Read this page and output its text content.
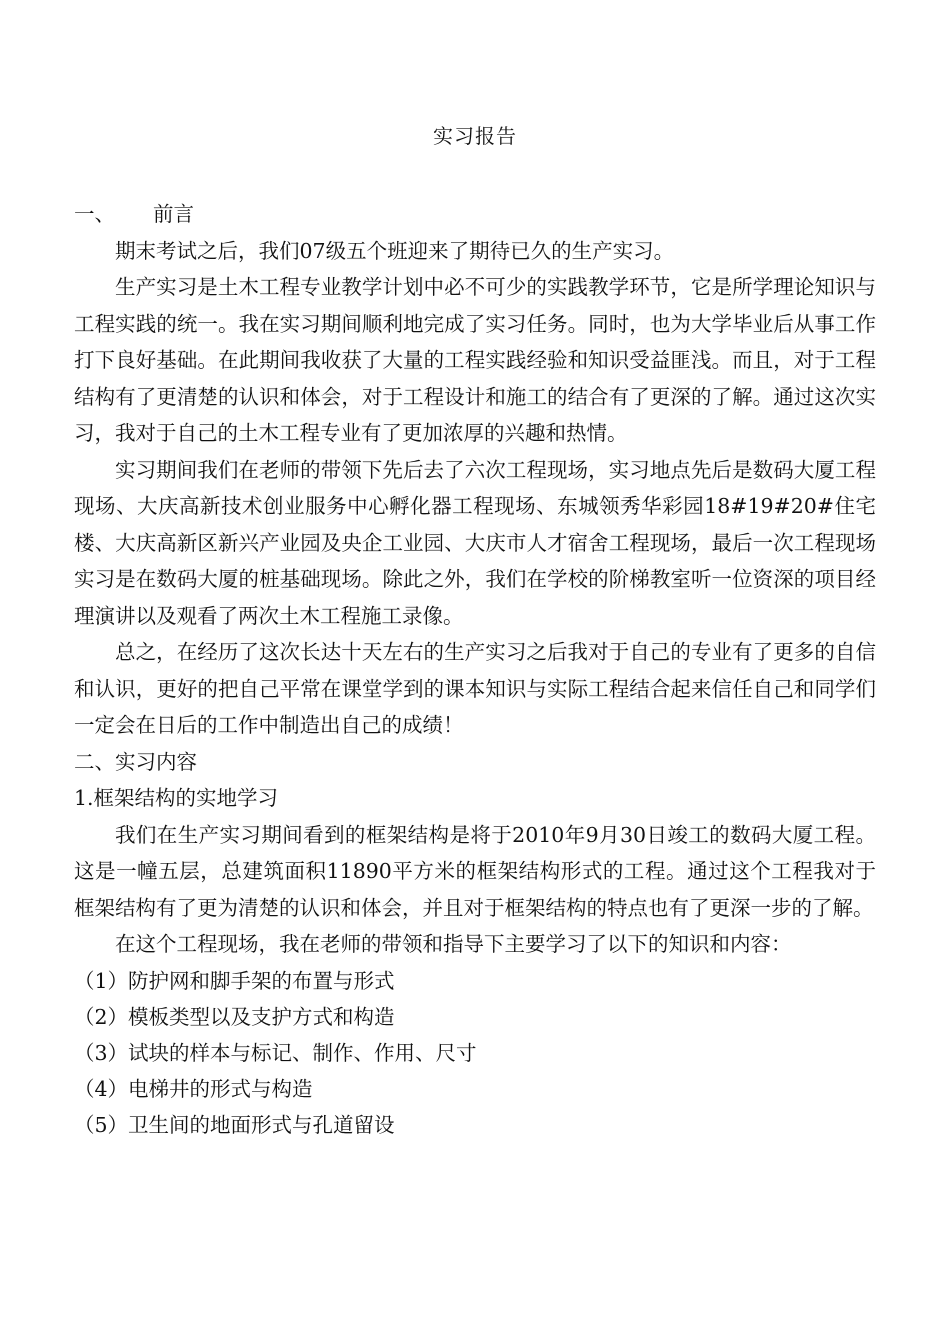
实习报告

一、 前言

期末考试之后，我们07级五个班迎来了期待已久的生产实习。

生产实习是土木工程专业教学计划中必不可少的实践教学环节，它是所学理论知识与工程实践的统一。我在实习期间顺利地完成了实习任务。同时，也为大学毕业后从事工作打下良好基础。在此期间我收获了大量的工程实践经验和知识受益匪浅。而且，对于工程结构有了更清楚的认识和体会，对于工程设计和施工的结合有了更深的了解。通过这次实习，我对于自己的土木工程专业有了更加浓厚的兴趣和热情。

实习期间我们在老师的带领下先后去了六次工程现场，实习地点先后是数码大厦工程现场、大庆高新技术创业服务中心孵化器工程现场、东城领秀华彩园18#19#20#住宅楼、大庆高新区新兴产业园及央企工业园、大庆市人才宿舍工程现场，最后一次工程现场实习是在数码大厦的桩基础现场。除此之外，我们在学校的阶梯教室听一位资深的项目经理演讲以及观看了两次土木工程施工录像。

总之，在经历了这次长达十天左右的生产实习之后我对于自己的专业有了更多的自信和认识，更好的把自己平常在课堂学到的课本知识与实际工程结合起来信任自己和同学们一定会在日后的工作中制造出自己的成绩！

二、实习内容

1.框架结构的实地学习

我们在生产实习期间看到的框架结构是将于2010年9月30日竣工的数码大厦工程。这是一幢五层，总建筑面积11890平方米的框架结构形式的工程。通过这个工程我对于框架结构有了更为清楚的认识和体会，并且对于框架结构的特点也有了更深一步的了解。

在这个工程现场，我在老师的带领和指导下主要学习了以下的知识和内容：

（1）防护网和脚手架的布置与形式

（2）模板类型以及支护方式和构造

（3）试块的样本与标记、制作、作用、尺寸

（4）电梯井的形式与构造

（5）卫生间的地面形式与孔道留设
